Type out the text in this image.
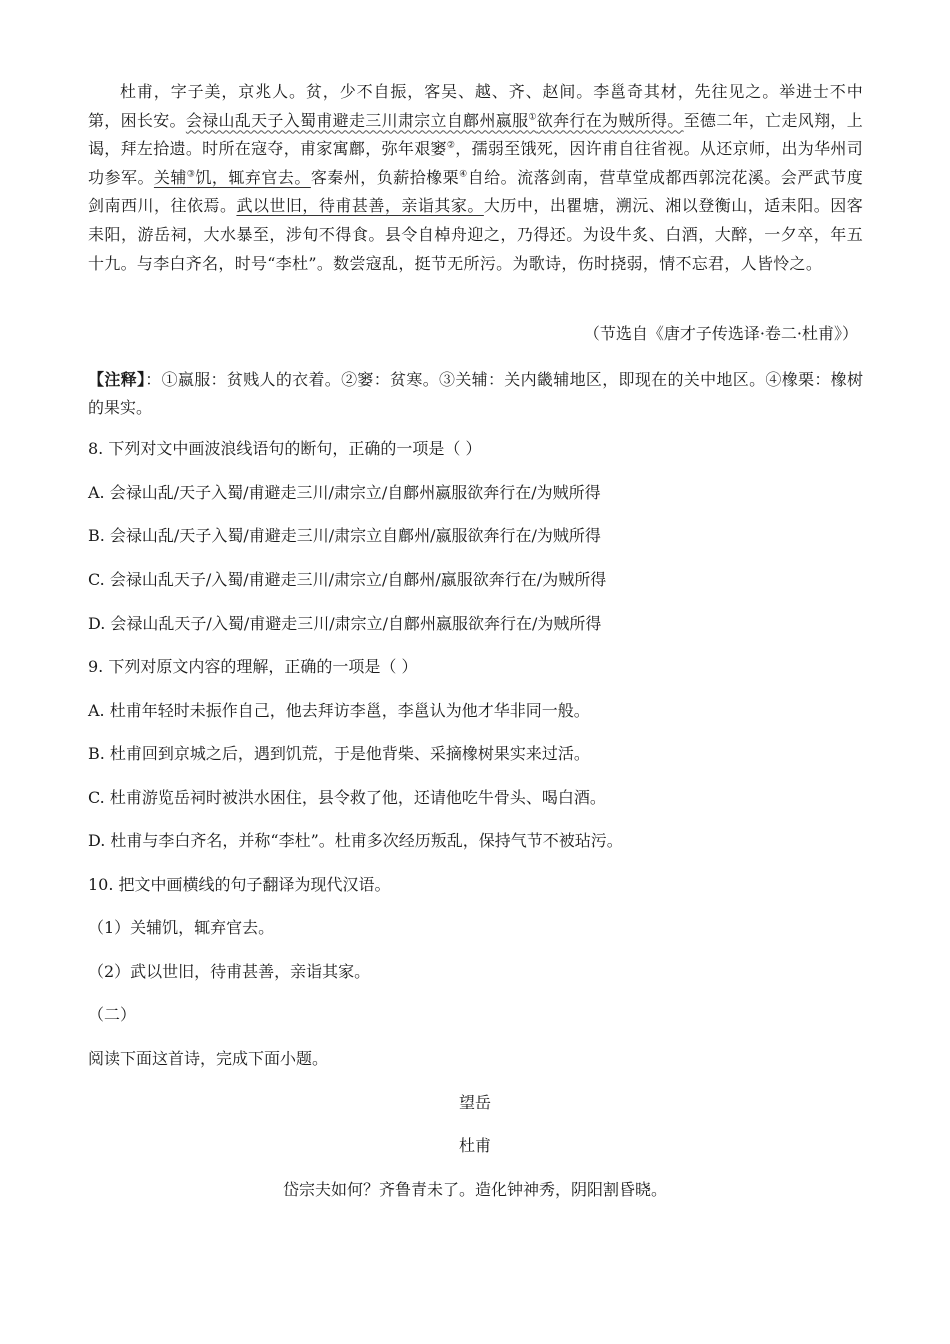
杜甫，字子美，京兆人。贫，少不自振，客吴、越、齐、赵间。李邕奇其材，先往见之。举进士不中第，困长安。会禄山乱天子入蜀甫避走三川肃宗立自鄜州嬴服①欲奔行在为贼所得。至德二年，亡走风翔，上谒，拜左拾遗。时所在寇夺，甫家寓鄜，弥年艰窭②，孺弱至饿死，因许甫自往省视。从还京师，出为华州司功参军。关辅③饥，辄弃官去。客秦州，负薪拾橡栗④自给。流落剑南，营草堂成都西郭浣花溪。会严武节度剑南西川，往依焉。武以世旧，待甫甚善，亲诣其家。大历中，出瞿塘，溯沅、湘以登衡山，适耒阳。因客耒阳，游岳祠，大水暴至，涉旬不得食。县令自棹舟迎之，乃得还。为设牛炙、白酒，大醉，一夕卒，年五十九。与李白齐名，时号“李杜”。数尝寇乱，挺节无所污。为歌诗，伤时挠弱，情不忘君，人皆怜之。

（节选自《唐才子传选译·卷二·杜甫》）

【注释】：①嬴服：贫贱人的衣着。②窭：贫寒。③关辅：关内畿辅地区，即现在的关中地区。④橡栗：橡树的果实。

8. 下列对文中画波浪线语句的断句，正确的一项是（ ）
A. 会禄山乱/天子入蜀/甫避走三川/肃宗立/自鄜州嬴服欲奔行在/为贼所得
B. 会禄山乱/天子入蜀/甫避走三川/肃宗立自鄜州/嬴服欲奔行在/为贼所得
C. 会禄山乱天子/入蜀/甫避走三川/肃宗立/自鄜州/嬴服欲奔行在/为贼所得
D. 会禄山乱天子/入蜀/甫避走三川/肃宗立/自鄜州嬴服欲奔行在/为贼所得
9. 下列对原文内容的理解，正确的一项是（ ）
A. 杜甫年轻时未振作自己，他去拜访李邕，李邕认为他才华非同一般。
B. 杜甫回到京城之后，遇到饥荒，于是他背柴、采摘橡树果实来过活。
C. 杜甫游览岳祠时被洪水困住，县令救了他，还请他吃牛骨头、喝白酒。
D. 杜甫与李白齐名，并称“李杜”。杜甫多次经历叛乱，保持气节不被玷污。
10. 把文中画横线的句子翻译为现代汉语。
（1）关辅饥，辄弃官去。
（2）武以世旧，待甫甚善，亲诣其家。
（二）
阅读下面这首诗，完成下面小题。
望岳
杜甫
岱宗夫如何？齐鲁青未了。造化钟神秀，阴阳割昏晓。
